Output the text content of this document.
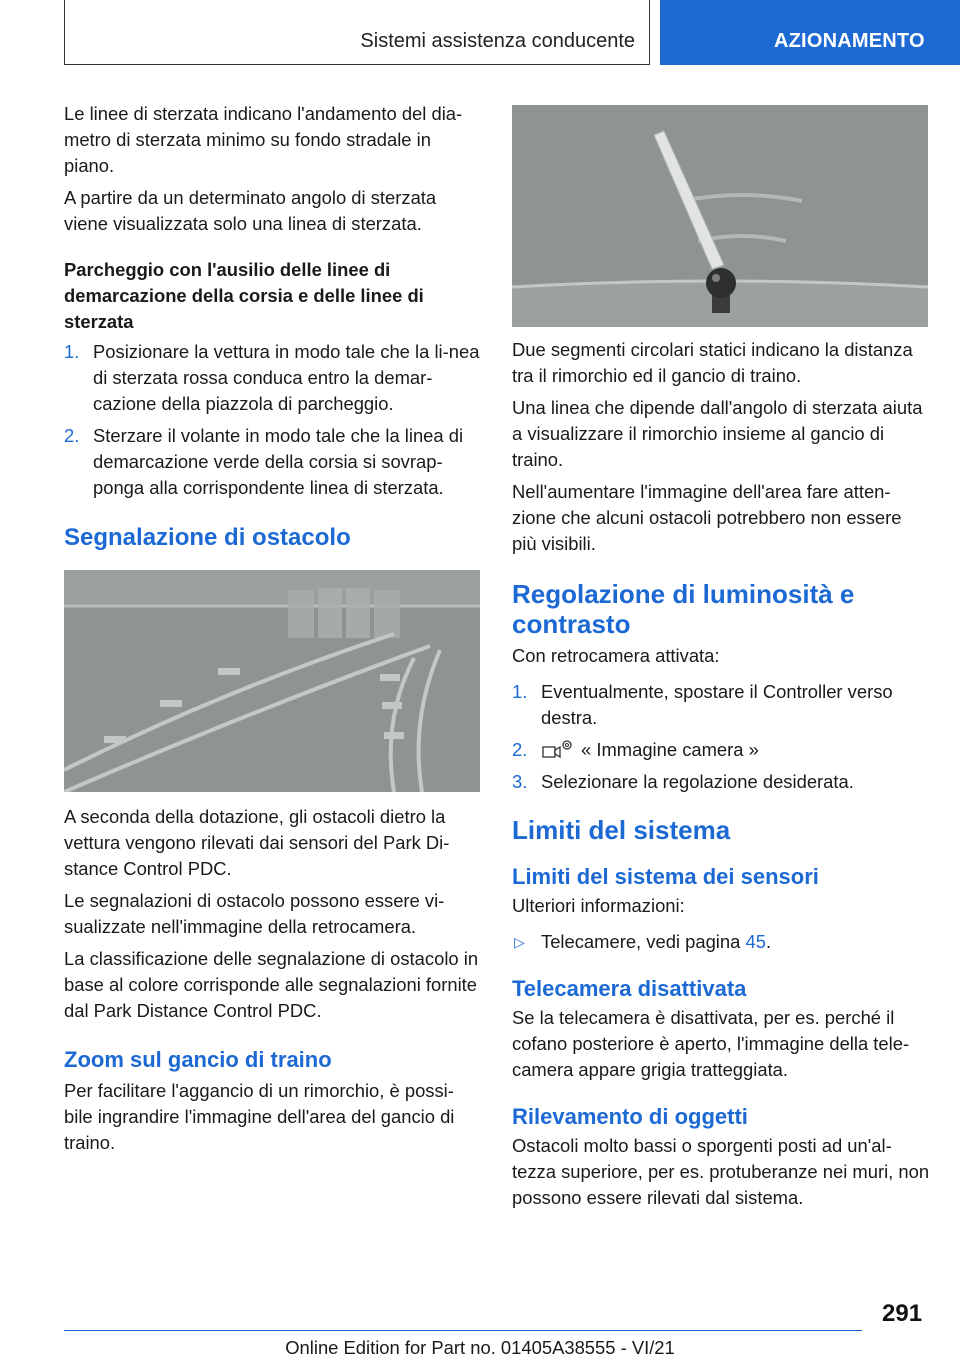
Sistemi assistenza conducente	AZIONAMENTO

Le linee di sterzata indicano l'andamento del dia-metro di sterzata minimo su fondo stradale in piano.

A partire da un determinato angolo di sterzata viene visualizzata solo una linea di sterzata.

Parcheggio con l'ausilio delle linee di demarcazione della corsia e delle linee di sterzata
1. Posizionare la vettura in modo tale che la li-nea di sterzata rossa conduca entro la demar-cazione della piazzola di parcheggio.
2. Sterzare il volante in modo tale che la linea di demarcazione verde della corsia si sovrap-ponga alla corrispondente linea di sterzata.
Segnalazione di ostacolo

A seconda della dotazione, gli ostacoli dietro la vettura vengono rilevati dai sensori del Park Di-stance Control PDC.

Le segnalazioni di ostacolo possono essere vi-sualizzate nell'immagine della retrocamera.

La classificazione delle segnalazione di ostacolo in base al colore corrisponde alle segnalazioni fornite dal Park Distance Control PDC.

Zoom sul gancio di traino

Per facilitare l'aggancio di un rimorchio, è possi-bile ingrandire l'immagine dell'area del gancio di traino.

Due segmenti circolari statici indicano la distanza tra il rimorchio ed il gancio di traino.

Una linea che dipende dall'angolo di sterzata aiuta a visualizzare il rimorchio insieme al gancio di traino.

Nell'aumentare l'immagine dell'area fare atten-zione che alcuni ostacoli potrebbero non essere più visibili.

Regolazione di luminosità e contrasto

Con retrocamera attivata:

1. Eventualmente, spostare il Controller verso destra.
2.	« Immagine camera »
3. Selezionare la regolazione desiderata.
Limiti del sistema
Limiti del sistema dei sensori

Ulteriori informazioni:

▷ Telecamere, vedi pagina 45.
Telecamera disattivata

Se la telecamera è disattivata, per es. perché il cofano posteriore è aperto, l'immagine della tele-camera appare grigia tratteggiata.

Rilevamento di oggetti

Ostacoli molto bassi o sporgenti posti ad un'al-tezza superiore, per es. protuberanze nei muri, non possono essere rilevati dal sistema.

291
Online Edition for Part no. 01405A38555 - VI/21
